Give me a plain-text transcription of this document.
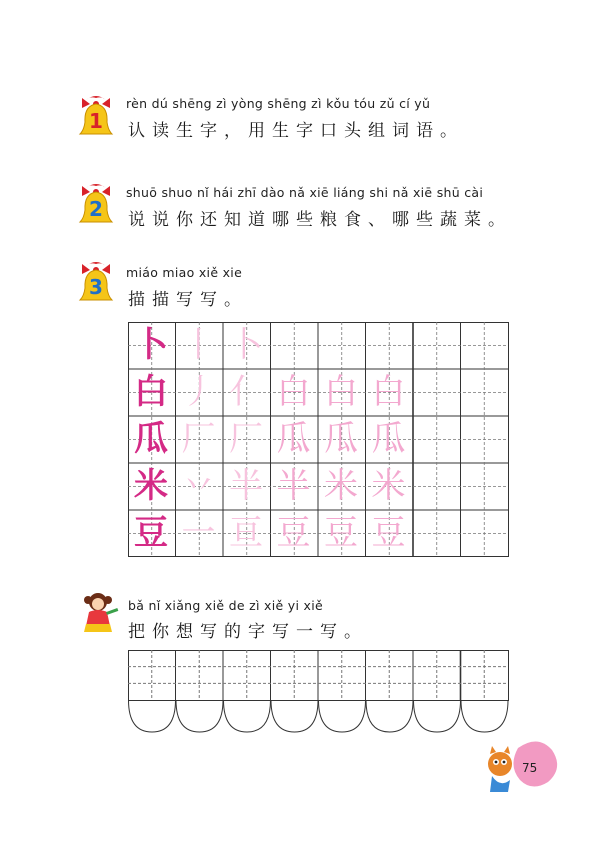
1
rèn dú shēng zì yòng shēng zì kǒu tóu zǔ cí yǔ
认读生字，用生字口头组词语。
2
shuō shuo nǐ hái zhī dào nǎ xiē liáng shi nǎ xiē shū cài
说说你还知道哪些粮食、哪些蔬菜。
3
miáo miao xiě xie
描描写写。
卜 丨 卜
白 丿 亻 白 白 白
瓜 厂 厂 瓜 瓜 瓜
米 丷 半 半 米 米
豆 一 亘 豆 豆 豆
bǎ nǐ xiǎng xiě de zì xiě yi xiě
把你想写的字写一写。
75
